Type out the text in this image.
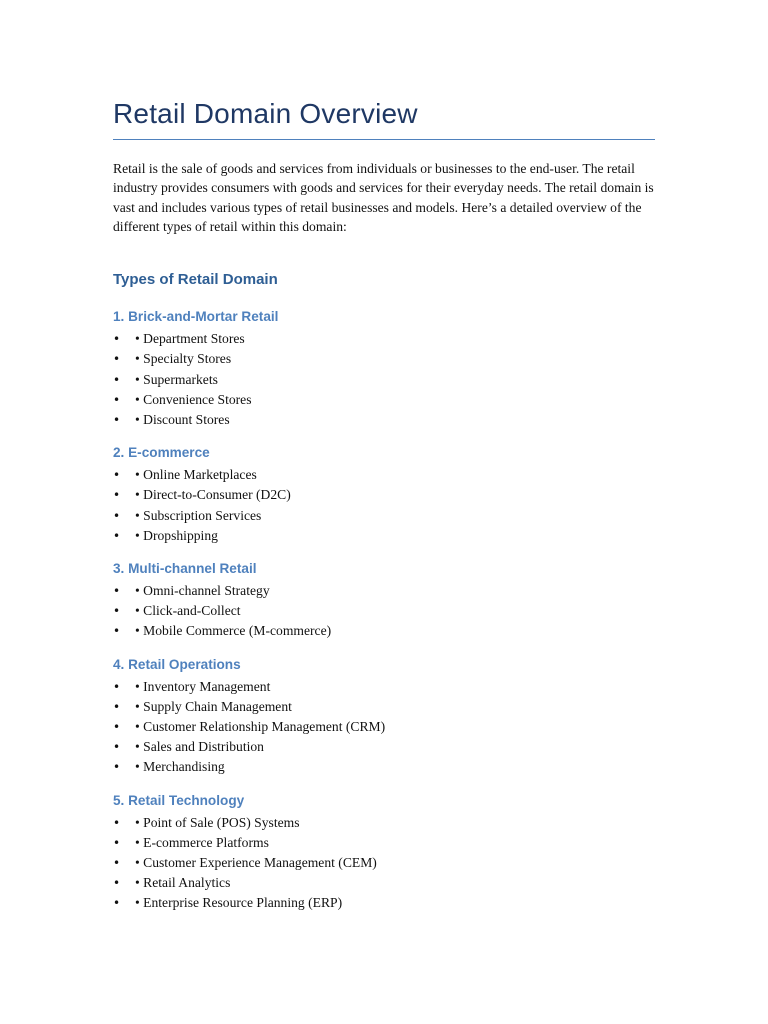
Retail Domain Overview

Retail is the sale of goods and services from individuals or businesses to the end-user. The retail industry provides consumers with goods and services for their everyday needs. The retail domain is vast and includes various types of retail businesses and models. Here’s a detailed overview of the different types of retail within this domain:

Types of Retail Domain
1. Brick-and-Mortar Retail
• • Department Stores
• • Specialty Stores
• • Supermarkets
• • Convenience Stores
• • Discount Stores
2. E-commerce
• • Online Marketplaces
• • Direct-to-Consumer (D2C)
• • Subscription Services
• • Dropshipping
3. Multi-channel Retail
• • Omni-channel Strategy
• • Click-and-Collect
• • Mobile Commerce (M-commerce)
4. Retail Operations
• • Inventory Management
• • Supply Chain Management
• • Customer Relationship Management (CRM)
• • Sales and Distribution
• • Merchandising
5. Retail Technology
• • Point of Sale (POS) Systems
• • E-commerce Platforms
• • Customer Experience Management (CEM)
• • Retail Analytics
• • Enterprise Resource Planning (ERP)
